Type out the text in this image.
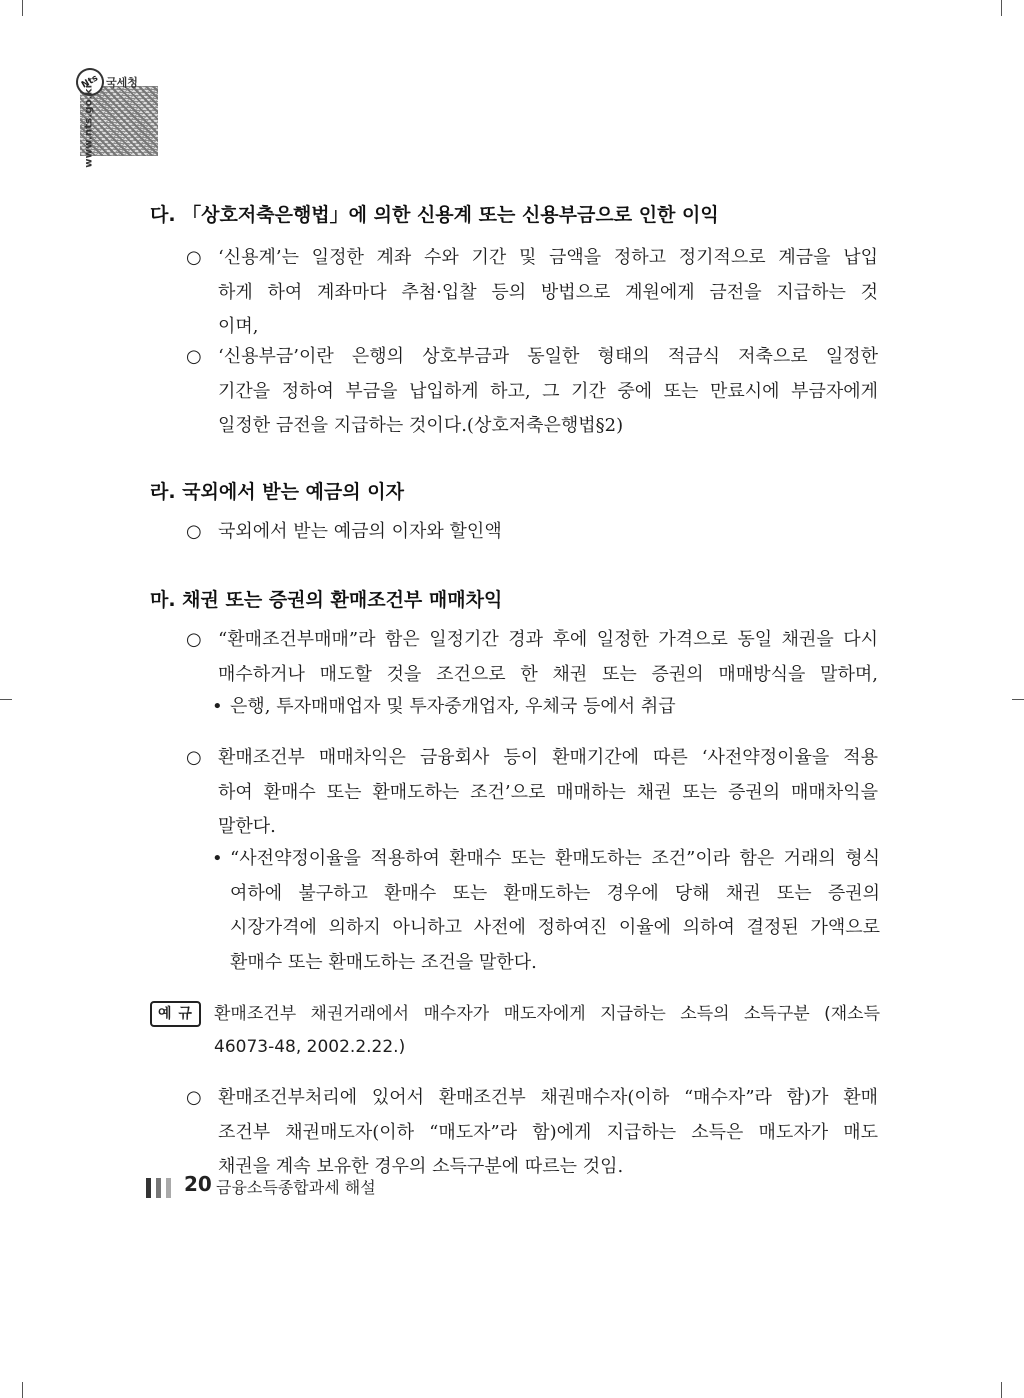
Nts 국세청
www.nts.go.kr
다. 「상호저축은행법」에 의한 신용계 또는 신용부금으로 인한 이익
○ ‘신용계’는 일정한 계좌 수와 기간 및 금액을 정하고 정기적으로 계금을 납입
하게 하여 계좌마다 추첨·입찰 등의 방법으로 계원에게 금전을 지급하는 것
이며,
○ ‘신용부금’이란 은행의 상호부금과 동일한 형태의 적금식 저축으로 일정한
기간을 정하여 부금을 납입하게 하고, 그 기간 중에 또는 만료시에 부금자에게
일정한 금전을 지급하는 것이다.(상호저축은행법§2)
라. 국외에서 받는 예금의 이자
○ 국외에서 받는 예금의 이자와 할인액
마. 채권 또는 증권의 환매조건부 매매차익
○ “환매조건부매매”라 함은 일정기간 경과 후에 일정한 가격으로 동일 채권을 다시
매수하거나 매도할 것을 조건으로 한 채권 또는 증권의 매매방식을 말하며,
• 은행, 투자매매업자 및 투자중개업자, 우체국 등에서 취급
○ 환매조건부 매매차익은 금융회사 등이 환매기간에 따른 ‘사전약정이율을 적용
하여 환매수 또는 환매도하는 조건’으로 매매하는 채권 또는 증권의 매매차익을
말한다.
• “사전약정이율을 적용하여 환매수 또는 환매도하는 조건”이라 함은 거래의 형식
여하에 불구하고 환매수 또는 환매도하는 경우에 당해 채권 또는 증권의
시장가격에 의하지 아니하고 사전에 정하여진 이율에 의하여 결정된 가액으로
환매수 또는 환매도하는 조건을 말한다.
예 규	환매조건부 채권거래에서 매수자가 매도자에게 지급하는 소득의 소득구분 (재소득
46073-48, 2002.2.22.)
○ 환매조건부처리에 있어서 환매조건부 채권매수자(이하 “매수자”라 함)가 환매
조건부 채권매도자(이하 “매도자”라 함)에게 지급하는 소득은 매도자가 매도
채권을 계속 보유한 경우의 소득구분에 따르는 것임.
20 금융소득종합과세 해설
